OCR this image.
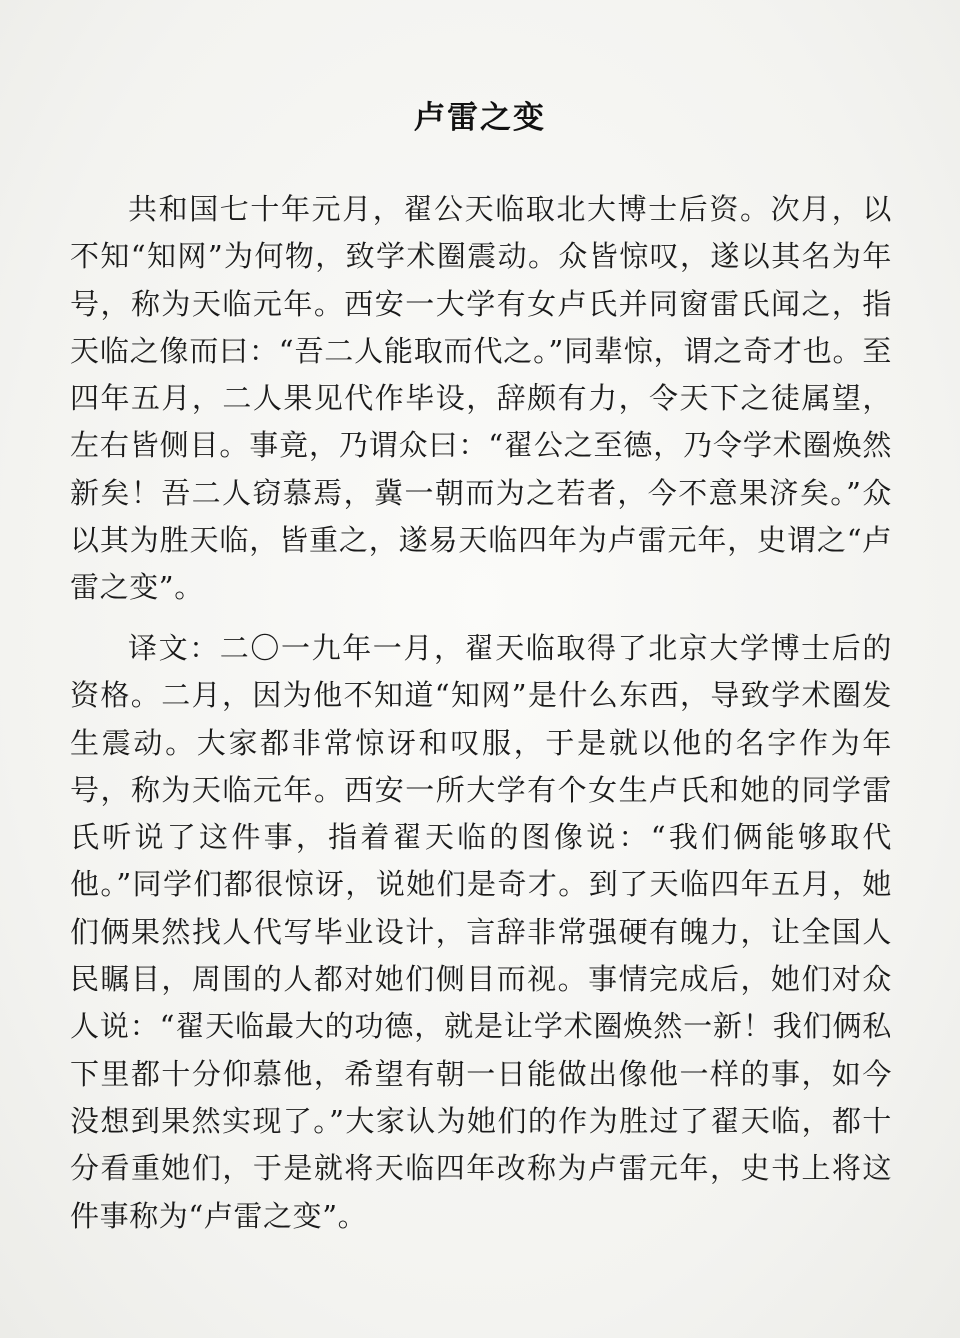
卢雷之变
共和国七十年元月，翟公天临取北大博士后资。次月，以不知“知网”为何物，致学术圈震动。众皆惊叹，遂以其名为年号，称为天临元年。西安一大学有女卢氏并同窗雷氏闻之，指天临之像而曰：“吾二人能取而代之。”同辈惊，谓之奇才也。至四年五月，二人果见代作毕设，辞颇有力，令天下之徒属望，左右皆侧目。事竟，乃谓众曰：“翟公之至德，乃令学术圈焕然新矣！吾二人窃慕焉，冀一朝而为之若者，今不意果济矣。”众以其为胜天临，皆重之，遂易天临四年为卢雷元年，史谓之“卢雷之变”。
译文：二〇一九年一月，翟天临取得了北京大学博士后的资格。二月，因为他不知道“知网”是什么东西，导致学术圈发生震动。大家都非常惊讶和叹服，于是就以他的名字作为年号，称为天临元年。西安一所大学有个女生卢氏和她的同学雷氏听说了这件事，指着翟天临的图像说：“我们俩能够取代他。”同学们都很惊讶，说她们是奇才。到了天临四年五月，她们俩果然找人代写毕业设计，言辞非常强硬有魄力，让全国人民瞩目，周围的人都对她们侧目而视。事情完成后，她们对众人说：“翟天临最大的功德，就是让学术圈焕然一新！我们俩私下里都十分仰慕他，希望有朝一日能做出像他一样的事，如今没想到果然实现了。”大家认为她们的作为胜过了翟天临，都十分看重她们，于是就将天临四年改称为卢雷元年，史书上将这件事称为“卢雷之变”。
